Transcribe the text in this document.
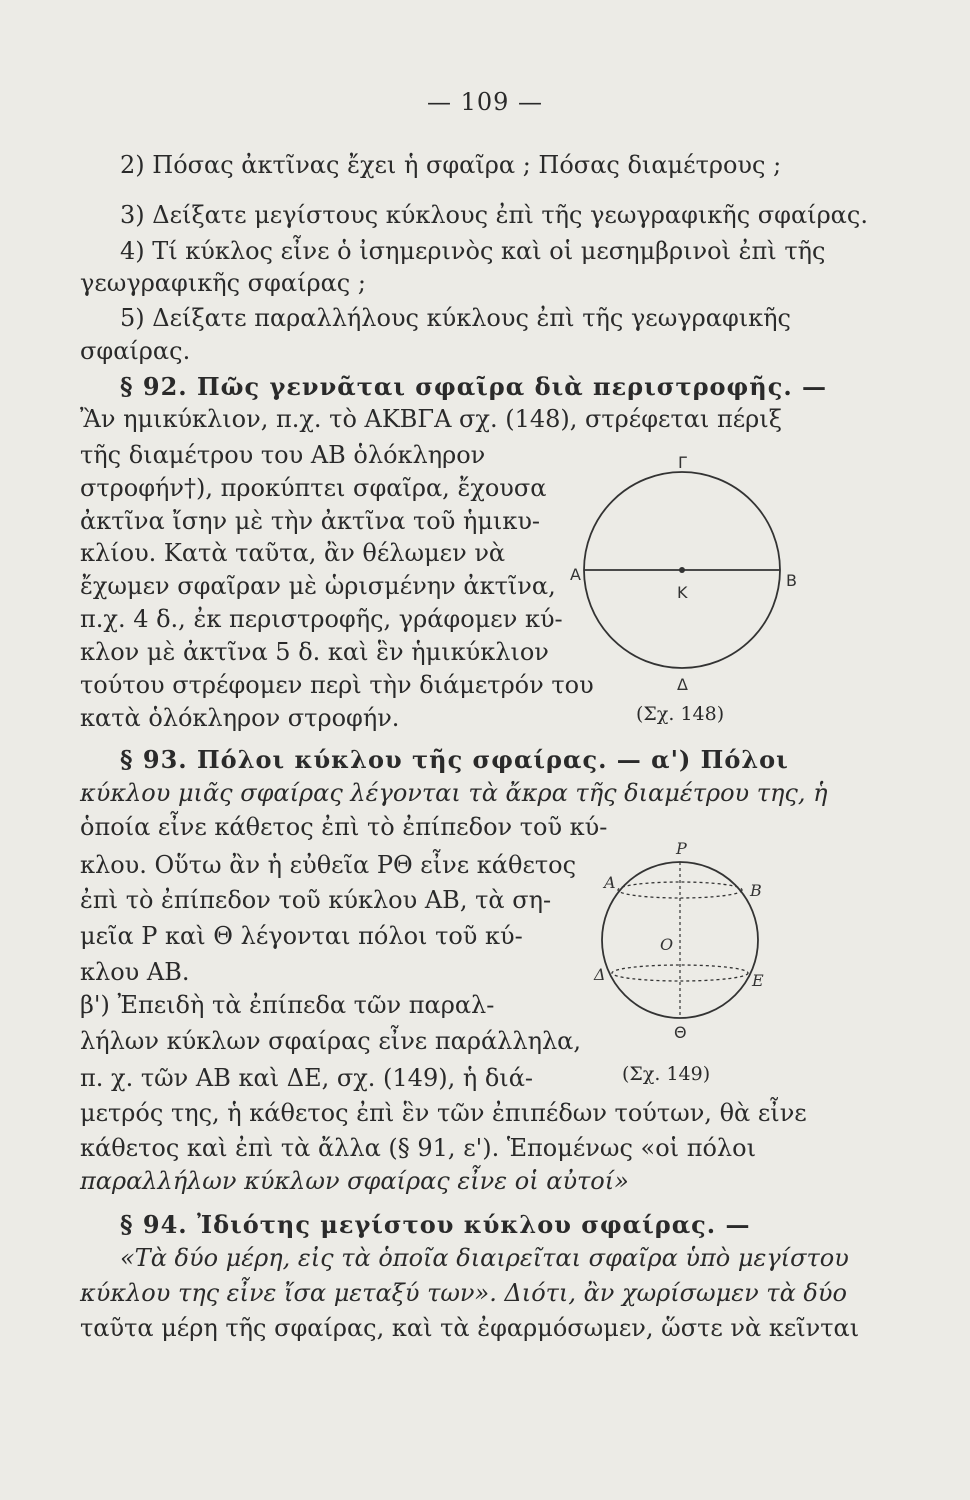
— 109 —
2) Πόσας ἀκτῖνας ἔχει ἡ σφαῖρα ; Πόσας διαμέτρους ;
3) Δείξατε μεγίστους κύκλους ἐπὶ τῆς γεωγραφικῆς σφαίρας.
4) Τί κύκλος εἶνε ὁ ἰσημερινὸς καὶ οἱ μεσημβρινοὶ ἐπὶ τῆς
γεωγραφικῆς σφαίρας ;
5) Δείξατε παραλλήλους κύκλους ἐπὶ τῆς γεωγραφικῆς
σφαίρας.
§ 92. Πῶς γεννᾶται σφαῖρα διὰ περιστροφῆς. —
Ἂν ημικύκλιον, π.χ. τὸ ΑΚΒΓΑ σχ. (148), στρέφεται πέριξ
τῆς διαμέτρου του ΑΒ ὁλόκληρον
στροφήν†), προκύπτει σφαῖρα, ἔχουσα
ἀκτῖνα ἴσην μὲ τὴν ἀκτῖνα τοῦ ἡμικυ-
κλίου. Κατὰ ταῦτα, ἂν θέλωμεν νὰ
ἔχωμεν σφαῖραν μὲ ὡρισμένην ἀκτῖνα,
π.χ. 4 δ., ἐκ περιστροφῆς, γράφομεν κύ-
κλον μὲ ἀκτῖνα 5 δ. καὶ ἓν ἡμικύκλιον
τούτου στρέφομεν περὶ τὴν διάμετρόν του
κατὰ ὁλόκληρον στροφήν.
Γ
Α	Β
Κ
Δ
(Σχ. 148)
§ 93. Πόλοι κύκλου τῆς σφαίρας. — α') Πόλοι
κύκλου μιᾶς σφαίρας λέγονται τὰ ἄκρα τῆς διαμέτρου της, ἡ
ὁποία εἶνε κάθετος ἐπὶ τὸ ἐπίπεδον τοῦ κύ-
κλου. Οὕτω ἂν ἡ εὐθεῖα ΡΘ εἶνε κάθετος
ἐπὶ τὸ ἐπίπεδον τοῦ κύκλου ΑΒ, τὰ ση-
μεῖα Ρ καὶ Θ λέγονται πόλοι τοῦ κύ-
κλου ΑΒ.
β') Ἐπειδὴ τὰ ἐπίπεδα τῶν παραλ-
λήλων κύκλων σφαίρας εἶνε παράλληλα,
π. χ. τῶν ΑΒ καὶ ΔΕ, σχ. (149), ἡ διά-
μετρός της, ἡ κάθετος ἐπὶ ἓν τῶν ἐπιπέδων τούτων, θὰ εἶνε
κάθετος καὶ ἐπὶ τὰ ἄλλα (§ 91, ε'). Ἑπομένως «οἱ πόλοι
παραλλήλων κύκλων σφαίρας εἶνε οἱ αὐτοί»
Ρ
Α	Β
Ο
Δ	Ε
Θ
(Σχ. 149)
§ 94. Ἰδιότης μεγίστου κύκλου σφαίρας. —
«Τὰ δύο μέρη, εἰς τὰ ὁποῖα διαιρεῖται σφαῖρα ὑπὸ μεγίστου
κύκλου της εἶνε ἴσα μεταξύ των». Διότι, ἂν χωρίσωμεν τὰ δύο
ταῦτα μέρη τῆς σφαίρας, καὶ τὰ ἐφαρμόσωμεν, ὥστε νὰ κεῖνται
